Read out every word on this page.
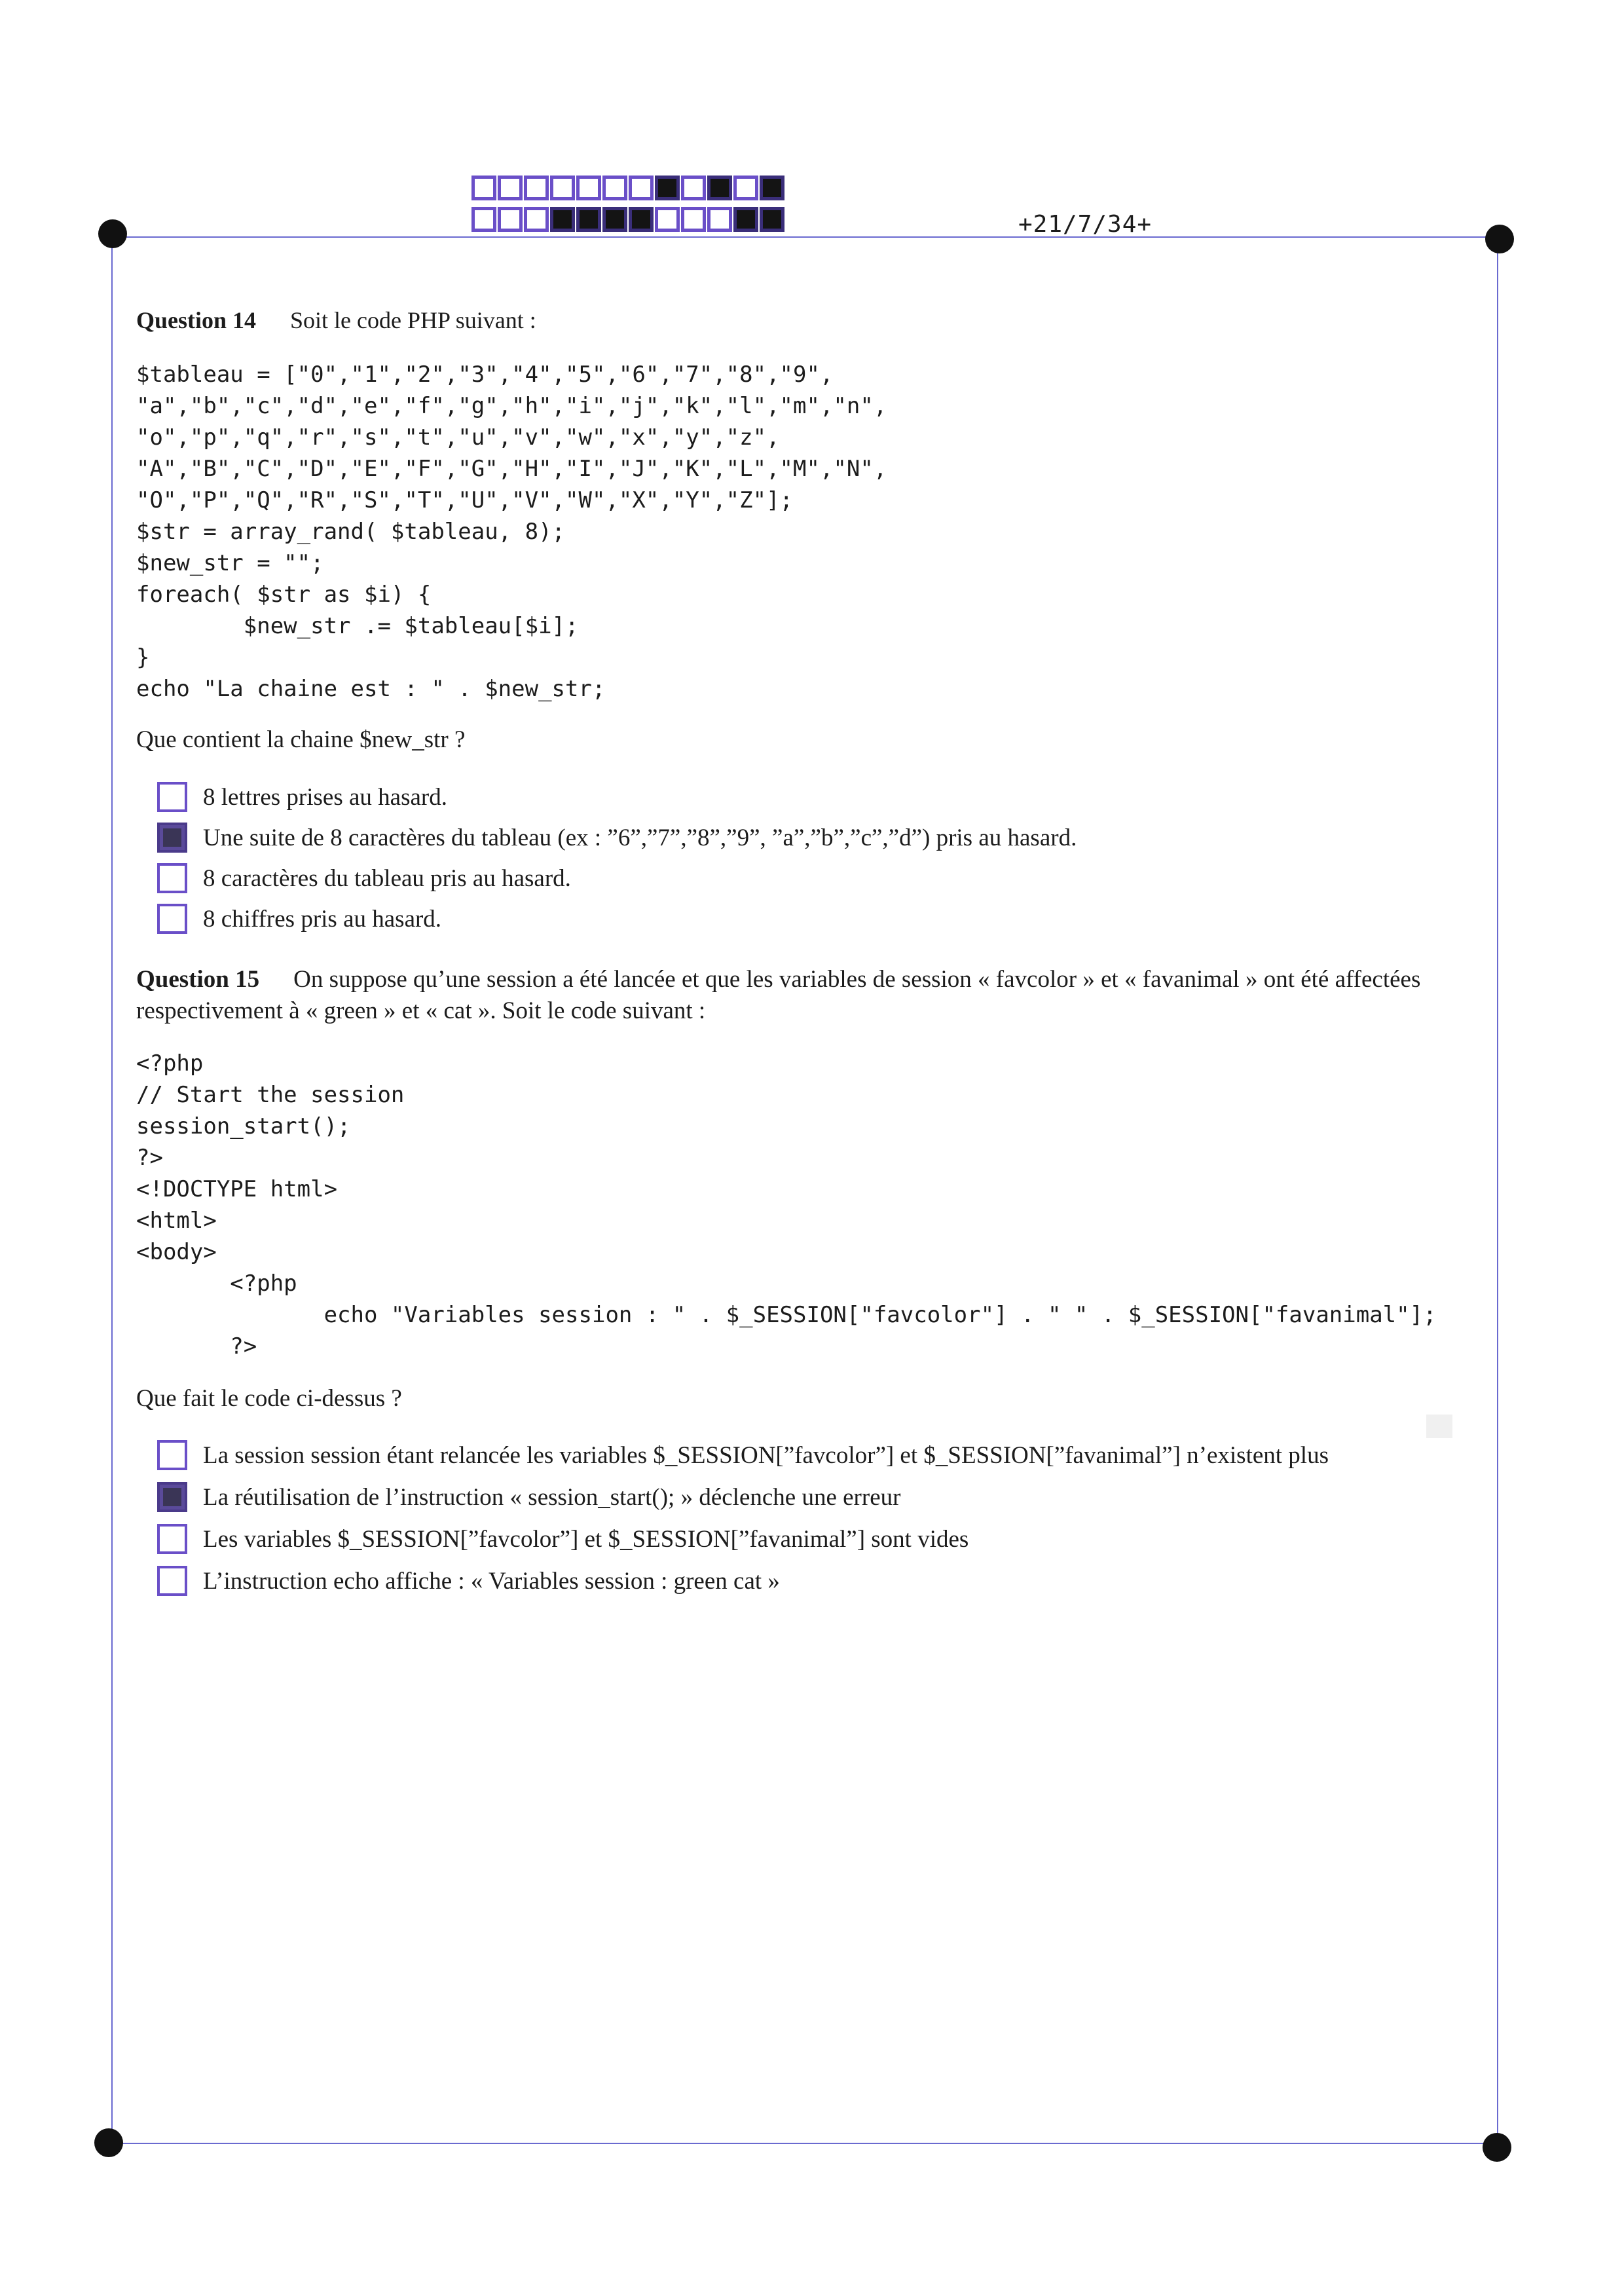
+21/7/34+
Question 14 Soit le code PHP suivant :
$tableau = ["0","1","2","3","4","5","6","7","8","9",
"a","b","c","d","e","f","g","h","i","j","k","l","m","n",
"o","p","q","r","s","t","u","v","w","x","y","z",
"A","B","C","D","E","F","G","H","I","J","K","L","M","N",
"O","P","Q","R","S","T","U","V","W","X","Y","Z"];
$str = array_rand( $tableau, 8);
$new_str = "";
foreach( $str as $i) {
$new_str .= $tableau[$i];
}
echo "La chaine est : " . $new_str;

Que contient la chaine $new_str ?
8 lettres prises au hasard.
Une suite de 8 caractères du tableau (ex : ”6”,”7”,”8”,”9”, ”a”,”b”,”c”,”d”) pris au hasard.
8 caractères du tableau pris au hasard.
8 chiffres pris au hasard.
Question 15 On suppose qu’une session a été lancée et que les variables de session « favcolor » et « favanimal » ont été affectées respectivement à « green » et « cat ». Soit le code suivant :
<?php
// Start the session
session_start();
?>
<!DOCTYPE html>
<html>
<body>
<?php
echo "Variables session : " . $_SESSION["favcolor"] . " " . $_SESSION["favanimal"];
?>

Que fait le code ci-dessus ?
La session session étant relancée les variables $_SESSION[”favcolor”] et $_SESSION[”favanimal”] n’existent plus
La réutilisation de l’instruction « session_start(); » déclenche une erreur
Les variables $_SESSION[”favcolor”] et $_SESSION[”favanimal”] sont vides
L’instruction echo affiche : « Variables session : green cat »
